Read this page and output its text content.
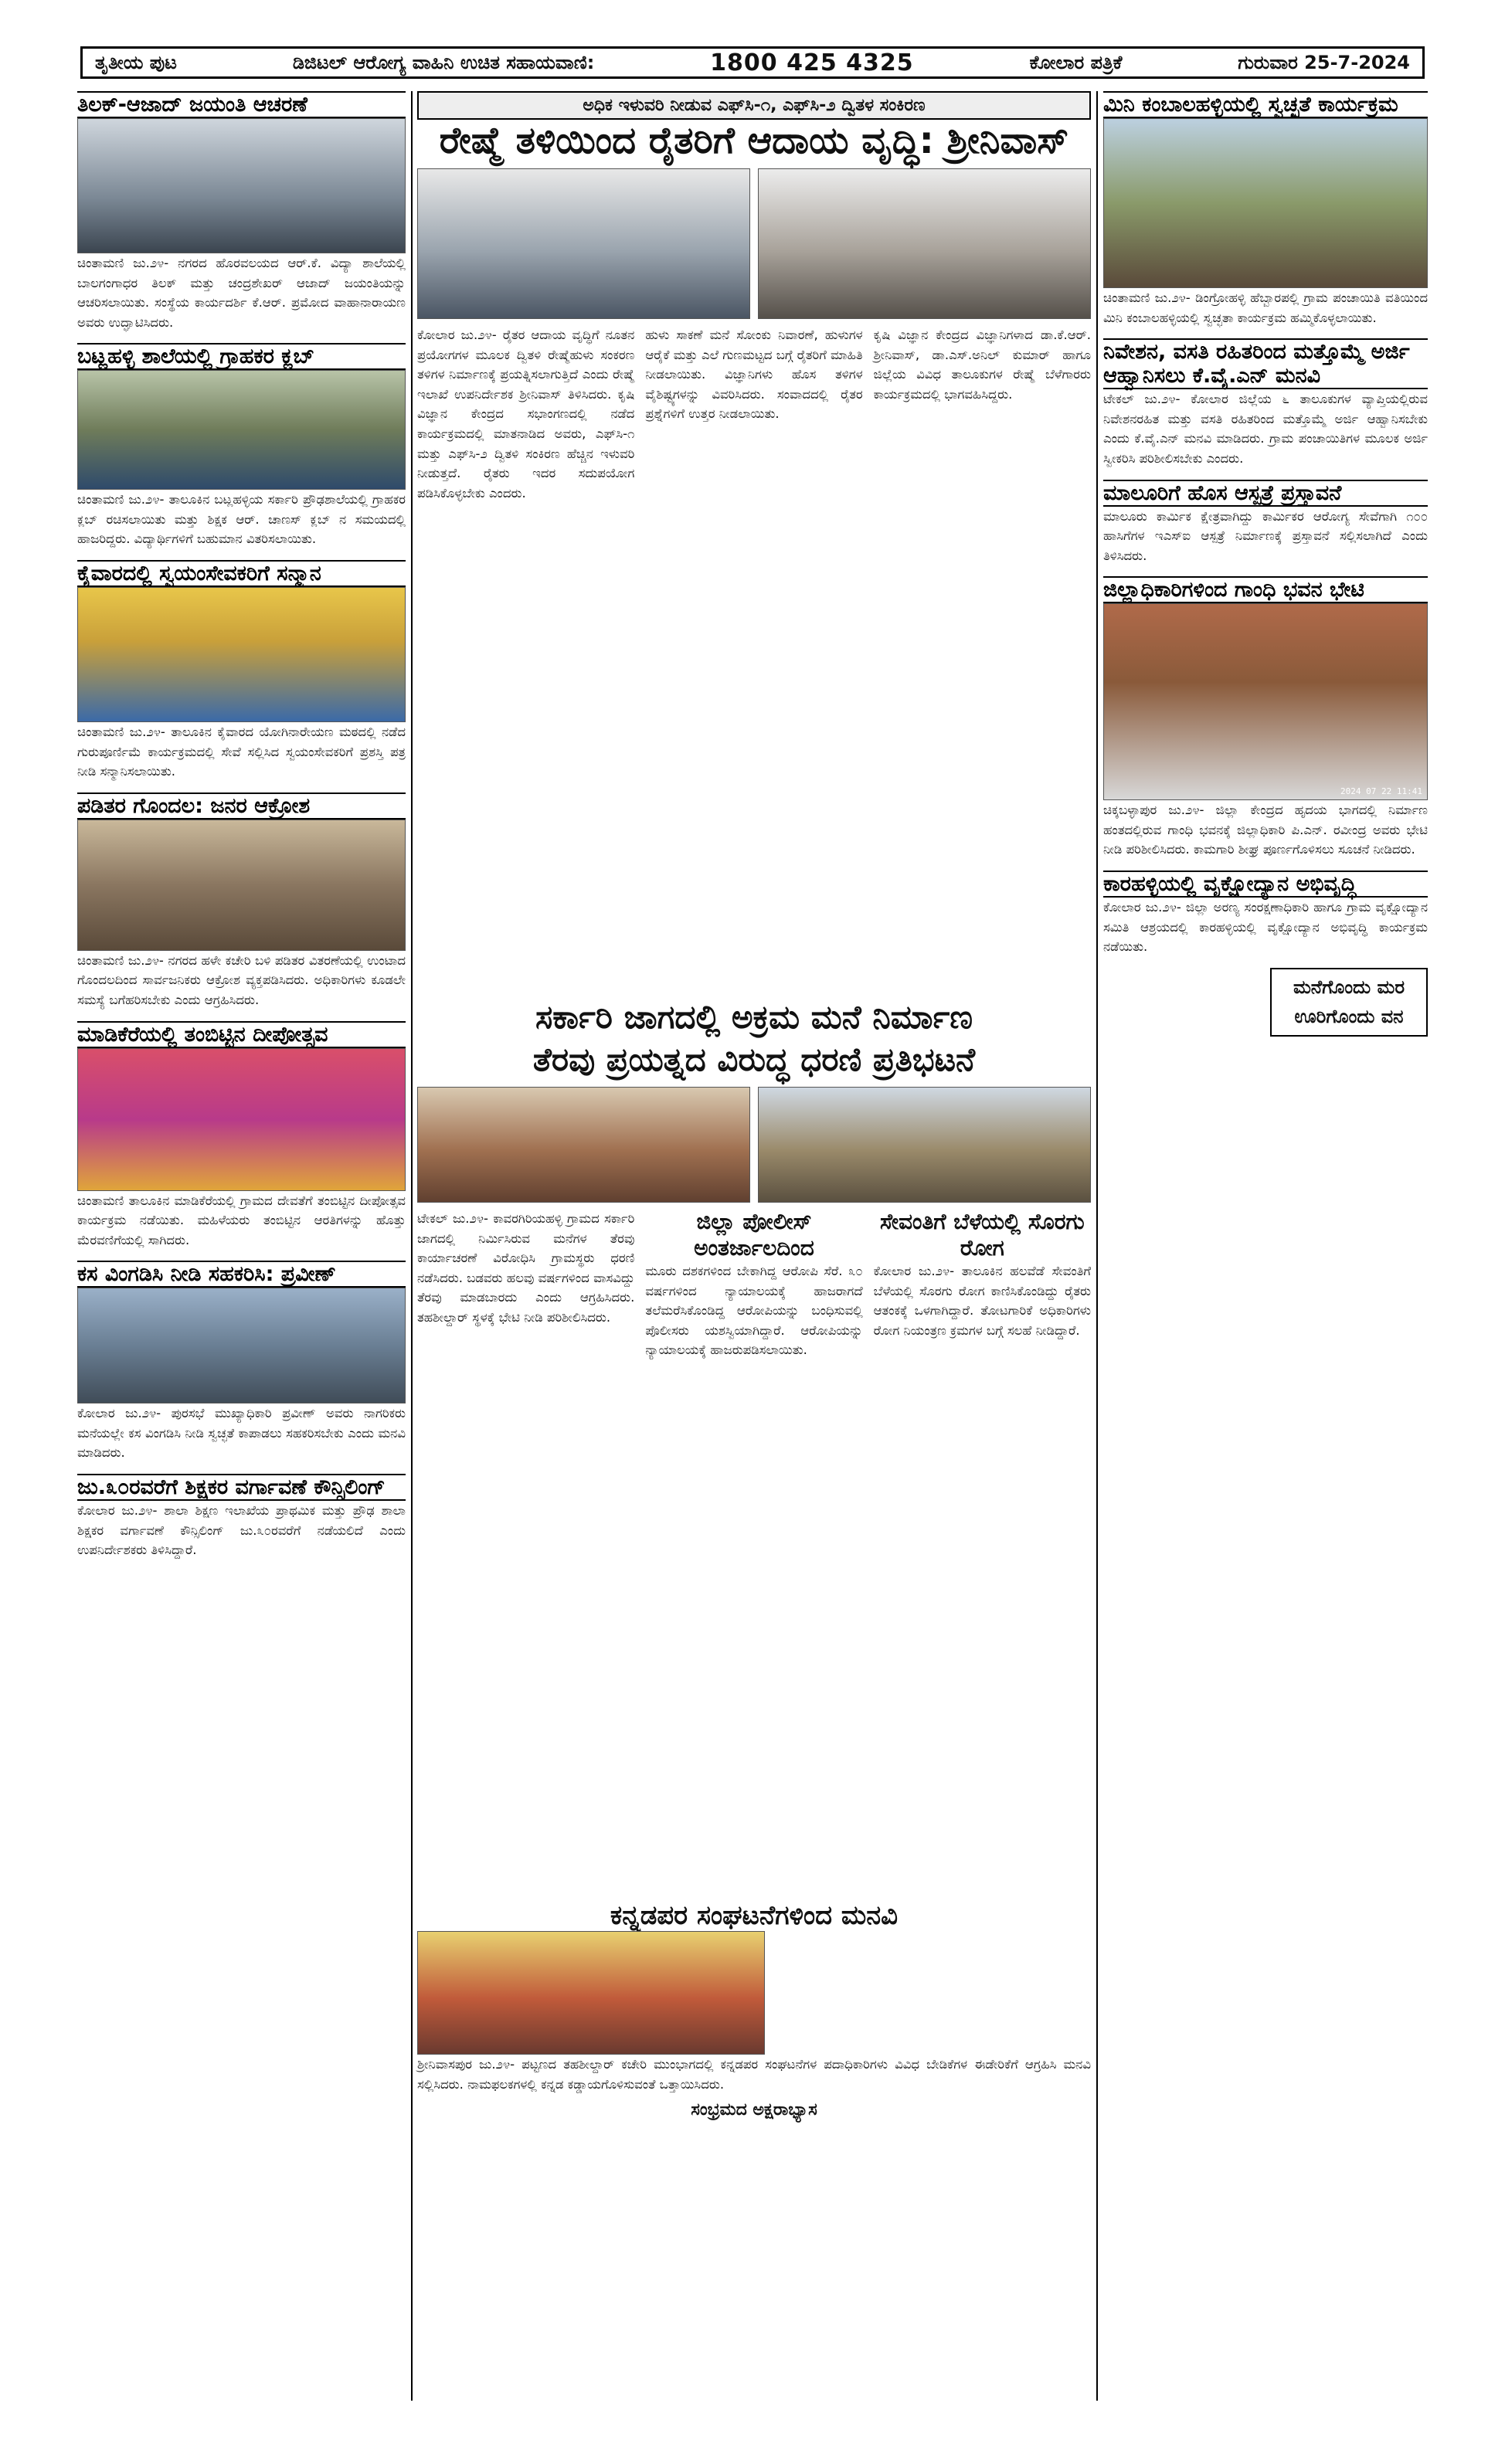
ತೃತೀಯ ಪುಟ	ಡಿಜಿಟಲ್ ಆರೋಗ್ಯ ವಾಹಿನಿ ಉಚಿತ ಸಹಾಯವಾಣಿ:	1800 425 4325	ಕೋಲಾರ ಪತ್ರಿಕೆ	ಗುರುವಾರ 25-7-2024
ತಿಲಕ್-ಆಜಾದ್ ಜಯಂತಿ ಆಚರಣೆ
ಚಿಂತಾಮಣಿ ಜು.೨೪- ನಗರದ ಹೊರವಲಯದ ಆರ್.ಕೆ. ವಿದ್ಯಾ ಶಾಲೆಯಲ್ಲಿ ಬಾಲಗಂಗಾಧರ ತಿಲಕ್ ಮತ್ತು ಚಂದ್ರಶೇಖರ್ ಆಜಾದ್ ಜಯಂತಿಯನ್ನು ಆಚರಿಸಲಾಯಿತು. ಸಂಸ್ಥೆಯ ಕಾರ್ಯದರ್ಶಿ ಕೆ.ಆರ್. ಪ್ರಮೋದ ವಾಹಾನಾರಾಯಣ ಅವರು ಉದ್ಘಾಟಿಸಿದರು.
ಬಟ್ಲಹಳ್ಳಿ ಶಾಲೆಯಲ್ಲಿ ಗ್ರಾಹಕರ ಕ್ಲಬ್
ಚಿಂತಾಮಣಿ ಜು.೨೪- ತಾಲೂಕಿನ ಬಟ್ಲಹಳ್ಳಿಯ ಸರ್ಕಾರಿ ಪ್ರೌಢಶಾಲೆಯಲ್ಲಿ ಗ್ರಾಹಕರ ಕ್ಲಬ್ ರಚಿಸಲಾಯಿತು ಮತ್ತು ಶಿಕ್ಷಕ ಆರ್. ಚಾಣಸ್ ಕ್ಲಬ್ ನ ಸಮಯದಲ್ಲಿ ಹಾಜರಿದ್ದರು. ವಿದ್ಯಾರ್ಥಿಗಳಿಗೆ ಬಹುಮಾನ ವಿತರಿಸಲಾಯಿತು.
ಕೈವಾರದಲ್ಲಿ ಸ್ವಯಂಸೇವಕರಿಗೆ ಸನ್ಮಾನ
ಚಿಂತಾಮಣಿ ಜು.೨೪- ತಾಲೂಕಿನ ಕೈವಾರದ ಯೋಗಿನಾರೇಯಣ ಮಠದಲ್ಲಿ ನಡೆದ ಗುರುಪೂರ್ಣಿಮೆ ಕಾರ್ಯಕ್ರಮದಲ್ಲಿ ಸೇವೆ ಸಲ್ಲಿಸಿದ ಸ್ವಯಂಸೇವಕರಿಗೆ ಪ್ರಶಸ್ತಿ ಪತ್ರ ನೀಡಿ ಸನ್ಮಾನಿಸಲಾಯಿತು.
ಪಡಿತರ ಗೊಂದಲ: ಜನರ ಆಕ್ರೋಶ
ಚಿಂತಾಮಣಿ ಜು.೨೪- ನಗರದ ಹಳೇ ಕಚೇರಿ ಬಳಿ ಪಡಿತರ ವಿತರಣೆಯಲ್ಲಿ ಉಂಟಾದ ಗೊಂದಲದಿಂದ ಸಾರ್ವಜನಿಕರು ಆಕ್ರೋಶ ವ್ಯಕ್ತಪಡಿಸಿದರು. ಅಧಿಕಾರಿಗಳು ಕೂಡಲೇ ಸಮಸ್ಯೆ ಬಗೆಹರಿಸಬೇಕು ಎಂದು ಆಗ್ರಹಿಸಿದರು.
ಮಾಡಿಕೆರೆಯಲ್ಲಿ ತಂಬಿಟ್ಟಿನ ದೀಪೋತ್ಸವ
ಚಿಂತಾಮಣಿ ತಾಲೂಕಿನ ಮಾಡಿಕೆರೆಯಲ್ಲಿ ಗ್ರಾಮದ ದೇವತೆಗೆ ತಂಬಿಟ್ಟಿನ ದೀಪೋತ್ಸವ ಕಾರ್ಯಕ್ರಮ ನಡೆಯಿತು. ಮಹಿಳೆಯರು ತಂಬಿಟ್ಟಿನ ಆರತಿಗಳನ್ನು ಹೊತ್ತು ಮೆರವಣಿಗೆಯಲ್ಲಿ ಸಾಗಿದರು.
ಕಸ ವಿಂಗಡಿಸಿ ನೀಡಿ ಸಹಕರಿಸಿ: ಪ್ರವೀಣ್
ಕೋಲಾರ ಜು.೨೪- ಪುರಸಭೆ ಮುಖ್ಯಾಧಿಕಾರಿ ಪ್ರವೀಣ್ ಅವರು ನಾಗರಿಕರು ಮನೆಯಲ್ಲೇ ಕಸ ವಿಂಗಡಿಸಿ ನೀಡಿ ಸ್ವಚ್ಛತೆ ಕಾಪಾಡಲು ಸಹಕರಿಸಬೇಕು ಎಂದು ಮನವಿ ಮಾಡಿದರು.
ಜು.೩೦ರವರೆಗೆ ಶಿಕ್ಷಕರ ವರ್ಗಾವಣೆ ಕೌನ್ಸಿಲಿಂಗ್
ಕೋಲಾರ ಜು.೨೪- ಶಾಲಾ ಶಿಕ್ಷಣ ಇಲಾಖೆಯ ಪ್ರಾಥಮಿಕ ಮತ್ತು ಪ್ರೌಢ ಶಾಲಾ ಶಿಕ್ಷಕರ ವರ್ಗಾವಣೆ ಕೌನ್ಸಿಲಿಂಗ್ ಜು.೩೦ರವರೆಗೆ ನಡೆಯಲಿದೆ ಎಂದು ಉಪನಿರ್ದೇಶಕರು ತಿಳಿಸಿದ್ದಾರೆ.
ಅಧಿಕ ಇಳುವರಿ ನೀಡುವ ಎಫ್‌ಸಿ-೧, ಎಫ್‌ಸಿ-೨ ದ್ವಿತಳ ಸಂಕಿರಣ
ರೇಷ್ಮೆ ತಳಿಯಿಂದ ರೈತರಿಗೆ ಆದಾಯ ವೃದ್ಧಿ: ಶ್ರೀನಿವಾಸ್
ಕೋಲಾರ ಜು.೨೪- ರೈತರ ಆದಾಯ ವೃದ್ಧಿಗೆ ನೂತನ ಪ್ರಯೋಗಗಳ ಮೂಲಕ ದ್ವಿತಳಿ ರೇಷ್ಮೆಹುಳು ಸಂಕರಣ ತಳಿಗಳ ನಿರ್ಮಾಣಕ್ಕೆ ಪ್ರಯತ್ನಿಸಲಾಗುತ್ತಿದೆ ಎಂದು ರೇಷ್ಮೆ ಇಲಾಖೆ ಉಪನಿರ್ದೇಶಕ ಶ್ರೀನಿವಾಸ್ ತಿಳಿಸಿದರು. ಕೃಷಿ ವಿಜ್ಞಾನ ಕೇಂದ್ರದ ಸಭಾಂಗಣದಲ್ಲಿ ನಡೆದ ಕಾರ್ಯಕ್ರಮದಲ್ಲಿ ಮಾತನಾಡಿದ ಅವರು, ಎಫ್‌ಸಿ-೧ ಮತ್ತು ಎಫ್‌ಸಿ-೨ ದ್ವಿತಳಿ ಸಂಕಿರಣ ಹೆಚ್ಚಿನ ಇಳುವರಿ ನೀಡುತ್ತದೆ. ರೈತರು ಇದರ ಸದುಪಯೋಗ ಪಡಿಸಿಕೊಳ್ಳಬೇಕು ಎಂದರು.
ಹುಳು ಸಾಕಣೆ ಮನೆ ಸೋಂಕು ನಿವಾರಣೆ, ಹುಳುಗಳ ಆರೈಕೆ ಮತ್ತು ಎಲೆ ಗುಣಮಟ್ಟದ ಬಗ್ಗೆ ರೈತರಿಗೆ ಮಾಹಿತಿ ನೀಡಲಾಯಿತು. ವಿಜ್ಞಾನಿಗಳು ಹೊಸ ತಳಿಗಳ ವೈಶಿಷ್ಟ್ಯಗಳನ್ನು ವಿವರಿಸಿದರು. ಸಂವಾದದಲ್ಲಿ ರೈತರ ಪ್ರಶ್ನೆಗಳಿಗೆ ಉತ್ತರ ನೀಡಲಾಯಿತು.
ಕೃಷಿ ವಿಜ್ಞಾನ ಕೇಂದ್ರದ ವಿಜ್ಞಾನಿಗಳಾದ ಡಾ.ಕೆ.ಆರ್. ಶ್ರೀನಿವಾಸ್, ಡಾ.ಎಸ್.ಅನಿಲ್ ಕುಮಾರ್ ಹಾಗೂ ಜಿಲ್ಲೆಯ ವಿವಿಧ ತಾಲೂಕುಗಳ ರೇಷ್ಮೆ ಬೆಳೆಗಾರರು ಕಾರ್ಯಕ್ರಮದಲ್ಲಿ ಭಾಗವಹಿಸಿದ್ದರು.
ಸರ್ಕಾರಿ ಜಾಗದಲ್ಲಿ ಅಕ್ರಮ ಮನೆ ನಿರ್ಮಾಣ
ತೆರವು ಪ್ರಯತ್ನದ ವಿರುದ್ಧ ಧರಣಿ ಪ್ರತಿಭಟನೆ
ಟೇಕಲ್ ಜು.೨೪- ಕಾವರಗಿರಿಯಹಳ್ಳಿ ಗ್ರಾಮದ ಸರ್ಕಾರಿ ಜಾಗದಲ್ಲಿ ನಿರ್ಮಿಸಿರುವ ಮನೆಗಳ ತೆರವು ಕಾರ್ಯಾಚರಣೆ ವಿರೋಧಿಸಿ ಗ್ರಾಮಸ್ಥರು ಧರಣಿ ನಡೆಸಿದರು. ಬಡವರು ಹಲವು ವರ್ಷಗಳಿಂದ ವಾಸವಿದ್ದು ತೆರವು ಮಾಡಬಾರದು ಎಂದು ಆಗ್ರಹಿಸಿದರು. ತಹಶೀಲ್ದಾರ್ ಸ್ಥಳಕ್ಕೆ ಭೇಟಿ ನೀಡಿ ಪರಿಶೀಲಿಸಿದರು.
ಜಿಲ್ಲಾ ಪೋಲೀಸ್ ಅಂತರ್ಜಾಲದಿಂದ
ಮೂರು ದಶಕಗಳಿಂದ ಬೇಕಾಗಿದ್ದ ಆರೋಪಿ ಸೆರೆ. ೩೦ ವರ್ಷಗಳಿಂದ ನ್ಯಾಯಾಲಯಕ್ಕೆ ಹಾಜರಾಗದೆ ತಲೆಮರೆಸಿಕೊಂಡಿದ್ದ ಆರೋಪಿಯನ್ನು ಬಂಧಿಸುವಲ್ಲಿ ಪೊಲೀಸರು ಯಶಸ್ವಿಯಾಗಿದ್ದಾರೆ. ಆರೋಪಿಯನ್ನು ನ್ಯಾಯಾಲಯಕ್ಕೆ ಹಾಜರುಪಡಿಸಲಾಯಿತು.
ಸೇವಂತಿಗೆ ಬೆಳೆಯಲ್ಲಿ ಸೊರಗು ರೋಗ
ಕೋಲಾರ ಜು.೨೪- ತಾಲೂಕಿನ ಹಲವೆಡೆ ಸೇವಂತಿಗೆ ಬೆಳೆಯಲ್ಲಿ ಸೊರಗು ರೋಗ ಕಾಣಿಸಿಕೊಂಡಿದ್ದು ರೈತರು ಆತಂಕಕ್ಕೆ ಒಳಗಾಗಿದ್ದಾರೆ. ತೋಟಗಾರಿಕೆ ಅಧಿಕಾರಿಗಳು ರೋಗ ನಿಯಂತ್ರಣ ಕ್ರಮಗಳ ಬಗ್ಗೆ ಸಲಹೆ ನೀಡಿದ್ದಾರೆ.
ಕನ್ನಡಪರ ಸಂಘಟನೆಗಳಿಂದ ಮನವಿ
ಶ್ರೀನಿವಾಸಪುರ ಜು.೨೪- ಪಟ್ಟಣದ ತಹಶೀಲ್ದಾರ್ ಕಚೇರಿ ಮುಂಭಾಗದಲ್ಲಿ ಕನ್ನಡಪರ ಸಂಘಟನೆಗಳ ಪದಾಧಿಕಾರಿಗಳು ವಿವಿಧ ಬೇಡಿಕೆಗಳ ಈಡೇರಿಕೆಗೆ ಆಗ್ರಹಿಸಿ ಮನವಿ ಸಲ್ಲಿಸಿದರು. ನಾಮಫಲಕಗಳಲ್ಲಿ ಕನ್ನಡ ಕಡ್ಡಾಯಗೊಳಿಸುವಂತೆ ಒತ್ತಾಯಿಸಿದರು.
ಸಂಭ್ರಮದ ಅಕ್ಷರಾಭ್ಯಾಸ
ಮಿನಿ ಕಂಬಾಲಹಳ್ಳಿಯಲ್ಲಿ ಸ್ವಚ್ಛತೆ ಕಾರ್ಯಕ್ರಮ
ಚಿಂತಾಮಣಿ ಜು.೨೪- ಡಿಂಗ್ರೋಹಳ್ಳಿ ಹೆಬ್ಬಾರಪಲ್ಲಿ ಗ್ರಾಮ ಪಂಚಾಯಿತಿ ವತಿಯಿಂದ ಮಿನಿ ಕಂಬಾಲಹಳ್ಳಿಯಲ್ಲಿ ಸ್ವಚ್ಛತಾ ಕಾರ್ಯಕ್ರಮ ಹಮ್ಮಿಕೊಳ್ಳಲಾಯಿತು.
ನಿವೇಶನ, ವಸತಿ ರಹಿತರಿಂದ ಮತ್ತೊಮ್ಮೆ ಅರ್ಜಿ ಆಹ್ವಾನಿಸಲು ಕೆ.ವೈ.ಎನ್ ಮನವಿ
ಟೇಕಲ್ ಜು.೨೪- ಕೋಲಾರ ಜಿಲ್ಲೆಯ ೬ ತಾಲೂಕುಗಳ ವ್ಯಾಪ್ತಿಯಲ್ಲಿರುವ ನಿವೇಶನರಹಿತ ಮತ್ತು ವಸತಿ ರಹಿತರಿಂದ ಮತ್ತೊಮ್ಮೆ ಅರ್ಜಿ ಆಹ್ವಾನಿಸಬೇಕು ಎಂದು ಕೆ.ವೈ.ಎನ್ ಮನವಿ ಮಾಡಿದರು. ಗ್ರಾಮ ಪಂಚಾಯಿತಿಗಳ ಮೂಲಕ ಅರ್ಜಿ ಸ್ವೀಕರಿಸಿ ಪರಿಶೀಲಿಸಬೇಕು ಎಂದರು.
ಮಾಲೂರಿಗೆ ಹೊಸ ಆಸ್ಪತ್ರೆ ಪ್ರಸ್ತಾವನೆ
ಮಾಲೂರು ಕಾರ್ಮಿಕ ಕ್ಷೇತ್ರವಾಗಿದ್ದು ಕಾರ್ಮಿಕರ ಆರೋಗ್ಯ ಸೇವೆಗಾಗಿ ೧೦೦ ಹಾಸಿಗೆಗಳ ಇಎಸ್‌ಐ ಆಸ್ಪತ್ರೆ ನಿರ್ಮಾಣಕ್ಕೆ ಪ್ರಸ್ತಾವನೆ ಸಲ್ಲಿಸಲಾಗಿದೆ ಎಂದು ತಿಳಿಸಿದರು.
ಜಿಲ್ಲಾಧಿಕಾರಿಗಳಿಂದ ಗಾಂಧಿ ಭವನ ಭೇಟಿ
2024 07 22 11:41
ಚಿಕ್ಕಬಳ್ಳಾಪುರ ಜು.೨೪- ಜಿಲ್ಲಾ ಕೇಂದ್ರದ ಹೃದಯ ಭಾಗದಲ್ಲಿ ನಿರ್ಮಾಣ ಹಂತದಲ್ಲಿರುವ ಗಾಂಧಿ ಭವನಕ್ಕೆ ಜಿಲ್ಲಾಧಿಕಾರಿ ಪಿ.ಎನ್. ರವೀಂದ್ರ ಅವರು ಭೇಟಿ ನೀಡಿ ಪರಿಶೀಲಿಸಿದರು. ಕಾಮಗಾರಿ ಶೀಘ್ರ ಪೂರ್ಣಗೊಳಿಸಲು ಸೂಚನೆ ನೀಡಿದರು.
ಕಾರಹಳ್ಳಿಯಲ್ಲಿ ವೃಕ್ಷೋದ್ಯಾನ ಅಭಿವೃದ್ಧಿ
ಕೋಲಾರ ಜು.೨೪- ಜಿಲ್ಲಾ ಅರಣ್ಯ ಸಂರಕ್ಷಣಾಧಿಕಾರಿ ಹಾಗೂ ಗ್ರಾಮ ವೃಕ್ಷೋದ್ಯಾನ ಸಮಿತಿ ಆಶ್ರಯದಲ್ಲಿ ಕಾರಹಳ್ಳಿಯಲ್ಲಿ ವೃಕ್ಷೋದ್ಯಾನ ಅಭಿವೃದ್ಧಿ ಕಾರ್ಯಕ್ರಮ ನಡೆಯಿತು.
ಮನೆಗೊಂದು ಮರ
ಊರಿಗೊಂದು ವನ
